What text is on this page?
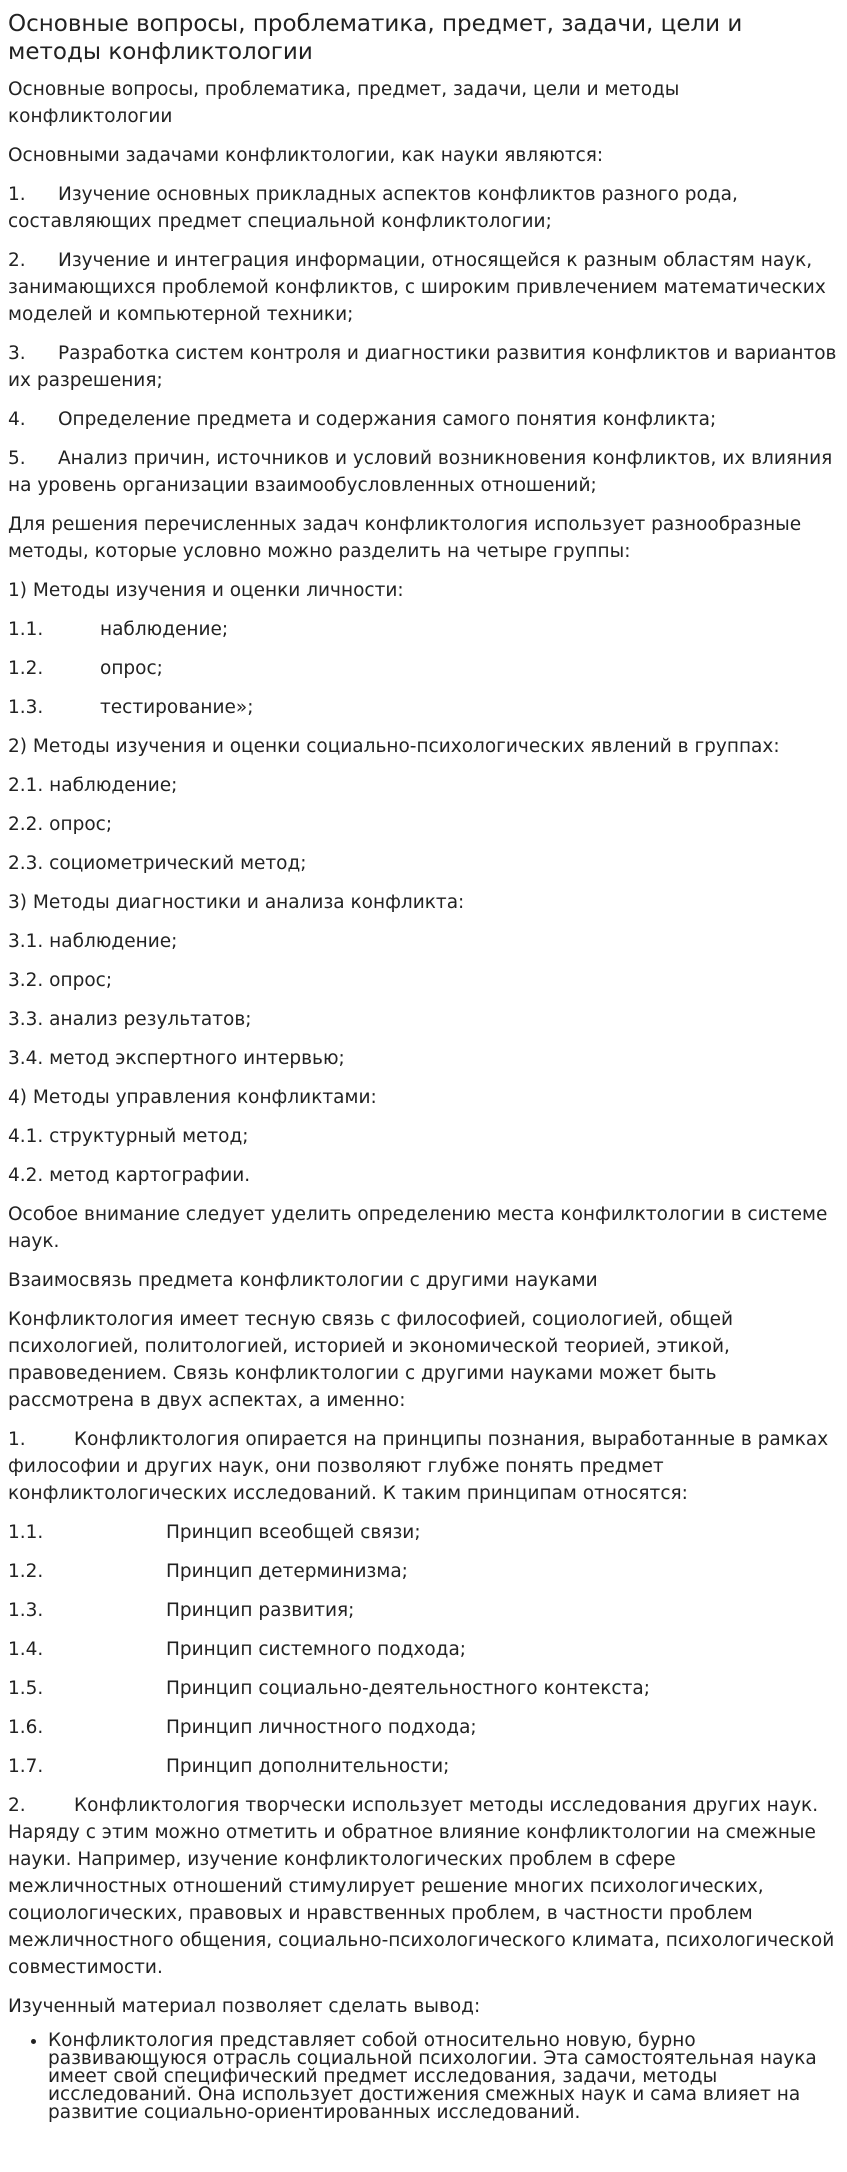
Основные вопросы, проблематика, предмет, задачи, цели и методы конфликтологии

Основные вопросы, проблематика, предмет, задачи, цели и методы конфликтологии

Основными задачами конфликтологии, как науки являются:

1. Изучение основных прикладных аспектов конфликтов разного рода, составляющих предмет специальной конфликтологии;

2. Изучение и интеграция информации, относящейся к разным областям наук, занимающихся проблемой конфликтов, с широким привлечением математических моделей и компьютерной техники;

3. Разработка систем контроля и диагностики развития конфликтов и вариантов их разрешения;

4. Определение предмета и содержания самого понятия конфликта;

5. Анализ причин, источников и условий возникновения конфликтов, их влияния на уровень организации взаимообусловленных отношений;

Для решения перечисленных задач конфликтология использует разнообразные методы, которые условно можно разделить на четыре группы:

1) Методы изучения и оценки личности:

1.1.	наблюдение;

1.2.	опрос;

1.3.	тестирование»;

2) Методы изучения и оценки социально-психологических явлений в группах:

2.1. наблюдение;

2.2. опрос;

2.3. социометрический метод;

3) Методы диагностики и анализа конфликта:

3.1. наблюдение;

3.2. опрос;

3.3. анализ результатов;

3.4. метод экспертного интервью;

4) Методы управления конфликтами:

4.1. структурный метод;

4.2. метод картографии.

Особое внимание следует уделить определению места конфилктологии в системе наук.

Взаимосвязь предмета конфликтологии с другими науками

Конфликтология имеет тесную связь с философией, социологией, общей психологией, политологией, историей и экономической теорией, этикой, правоведением. Связь конфликтологии с другими науками может быть рассмотрена в двух аспектах, а именно:

1.	Конфликтология опирается на принципы познания, выработанные в рамках философии и других наук, они позволяют глубже понять предмет конфликтологических исследований. К таким принципам относятся:

1.1.	Принцип всеобщей связи;

1.2.	Принцип детерминизма;

1.3.	Принцип развития;

1.4.	Принцип системного подхода;

1.5.	Принцип социально-деятельностного контекста;

1.6.	Принцип личностного подхода;

1.7.	Принцип дополнительности;

2.	Конфликтология творчески использует методы исследования других наук. Наряду с этим можно отметить и обратное влияние конфликтологии на смежные науки. Например, изучение конфликтологических проблем в сфере межличностных отношений стимулирует решение многих психологических, социологических, правовых и нравственных проблем, в частности проблем межличностного общения, социально-психологического климата, психологической совместимости.

Изученный материал позволяет сделать вывод:

• Конфликтология представляет собой относительно новую, бурно развивающуюся отрасль социальной психологии. Эта самостоятельная наука имеет свой специфический предмет исследования, задачи, методы исследований. Она использует достижения смежных наук и сама влияет на развитие социально-ориентированных исследований.
